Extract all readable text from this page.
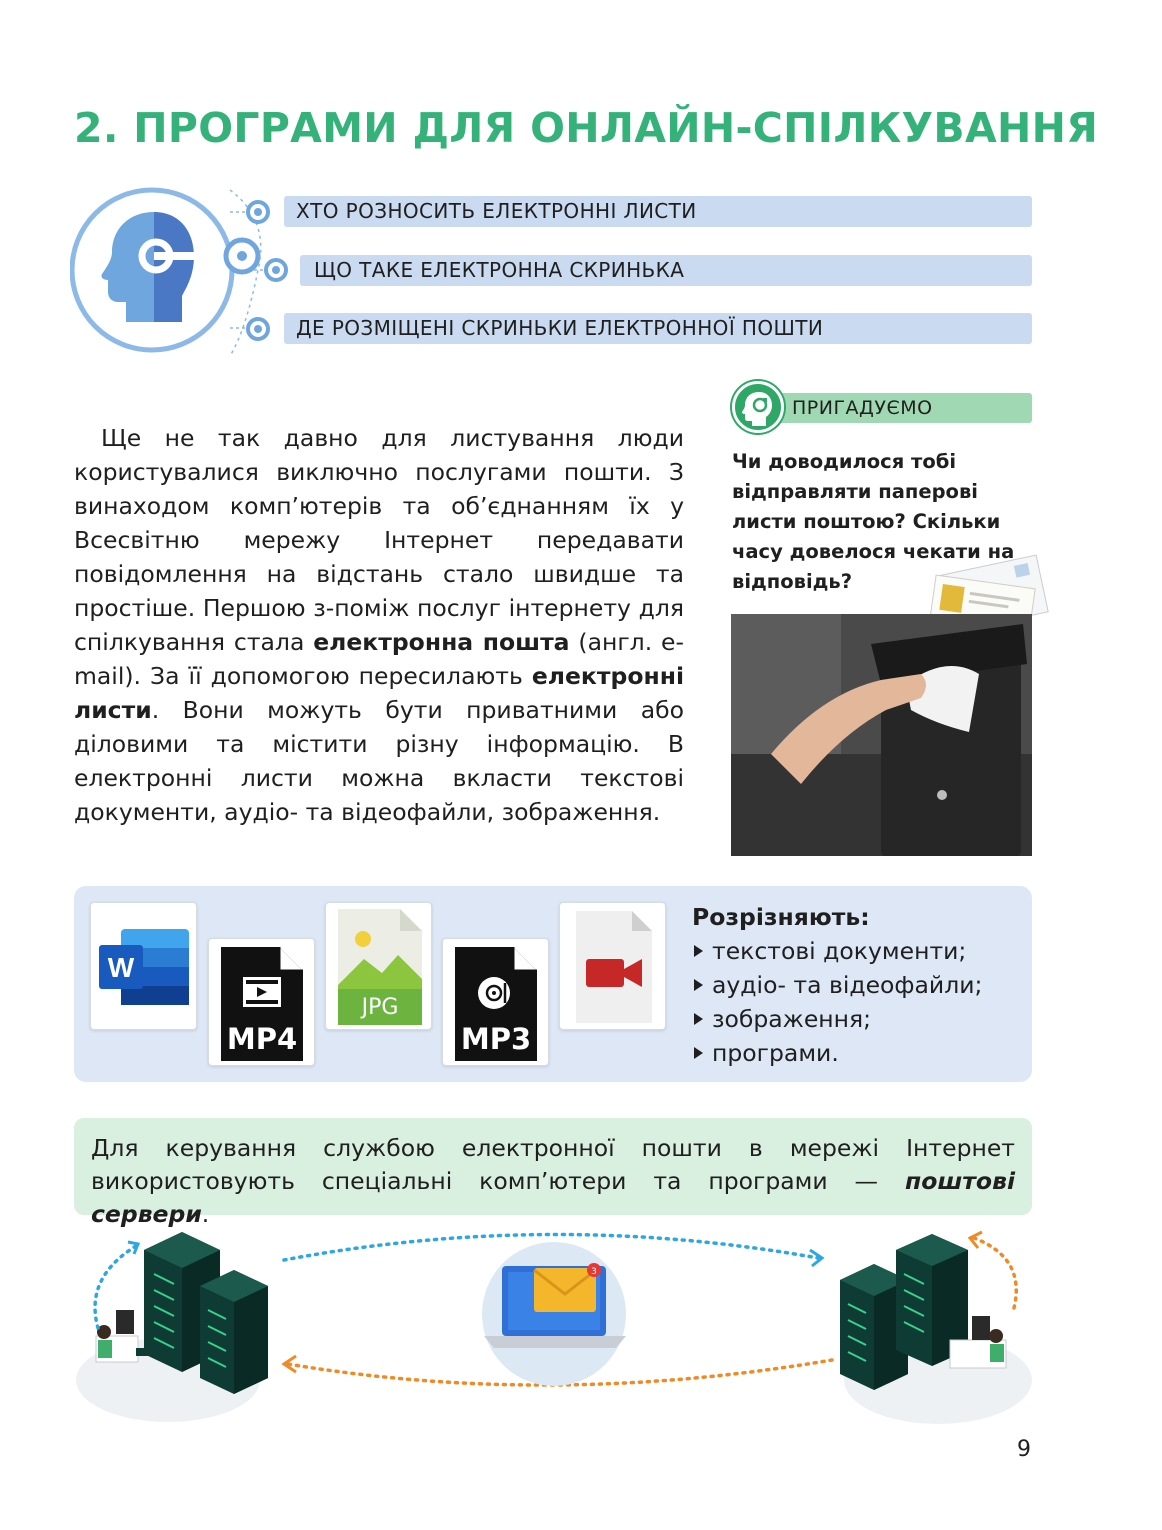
2. ПРОГРАМИ ДЛЯ ОНЛАЙН-СПІЛКУВАННЯ
ХТО РОЗНОСИТЬ ЕЛЕКТРОННІ ЛИСТИ
ЩО ТАКЕ ЕЛЕКТРОННА СКРИНЬКА
ДЕ РОЗМІЩЕНІ СКРИНЬКИ ЕЛЕКТРОННОЇ ПОШТИ

Ще не так давно для листування люди користувалися виключно послугами пошти. З винаходом комп’ютерів та об’єднанням їх у Всесвітню мережу Інтернет передавати повідомлення на відстань стало швидше та простіше. Першою з-поміж послуг інтернету для спілкування стала електронна пошта (англ. e-mail). За її допомогою пересилають електронні листи. Вони можуть бути приватними або діловими та містити різну інформацію. В електронні листи можна вкласти текстові документи, аудіо- та відеофайли, зображення.

ПРИГАДУЄМО
Чи доводилося тобі відправляти паперові листи поштою? Скільки часу довелося чекати на відповідь?
W
MP4
JPG
MP3
Розрізняють:
текстові документи;
аудіо- та відеофайли;
зображення;
програми.
Для керування службою електронної пошти в мережі Інтернет використовують спеціальні комп’ютери та програми — поштові сервери.
3
9
